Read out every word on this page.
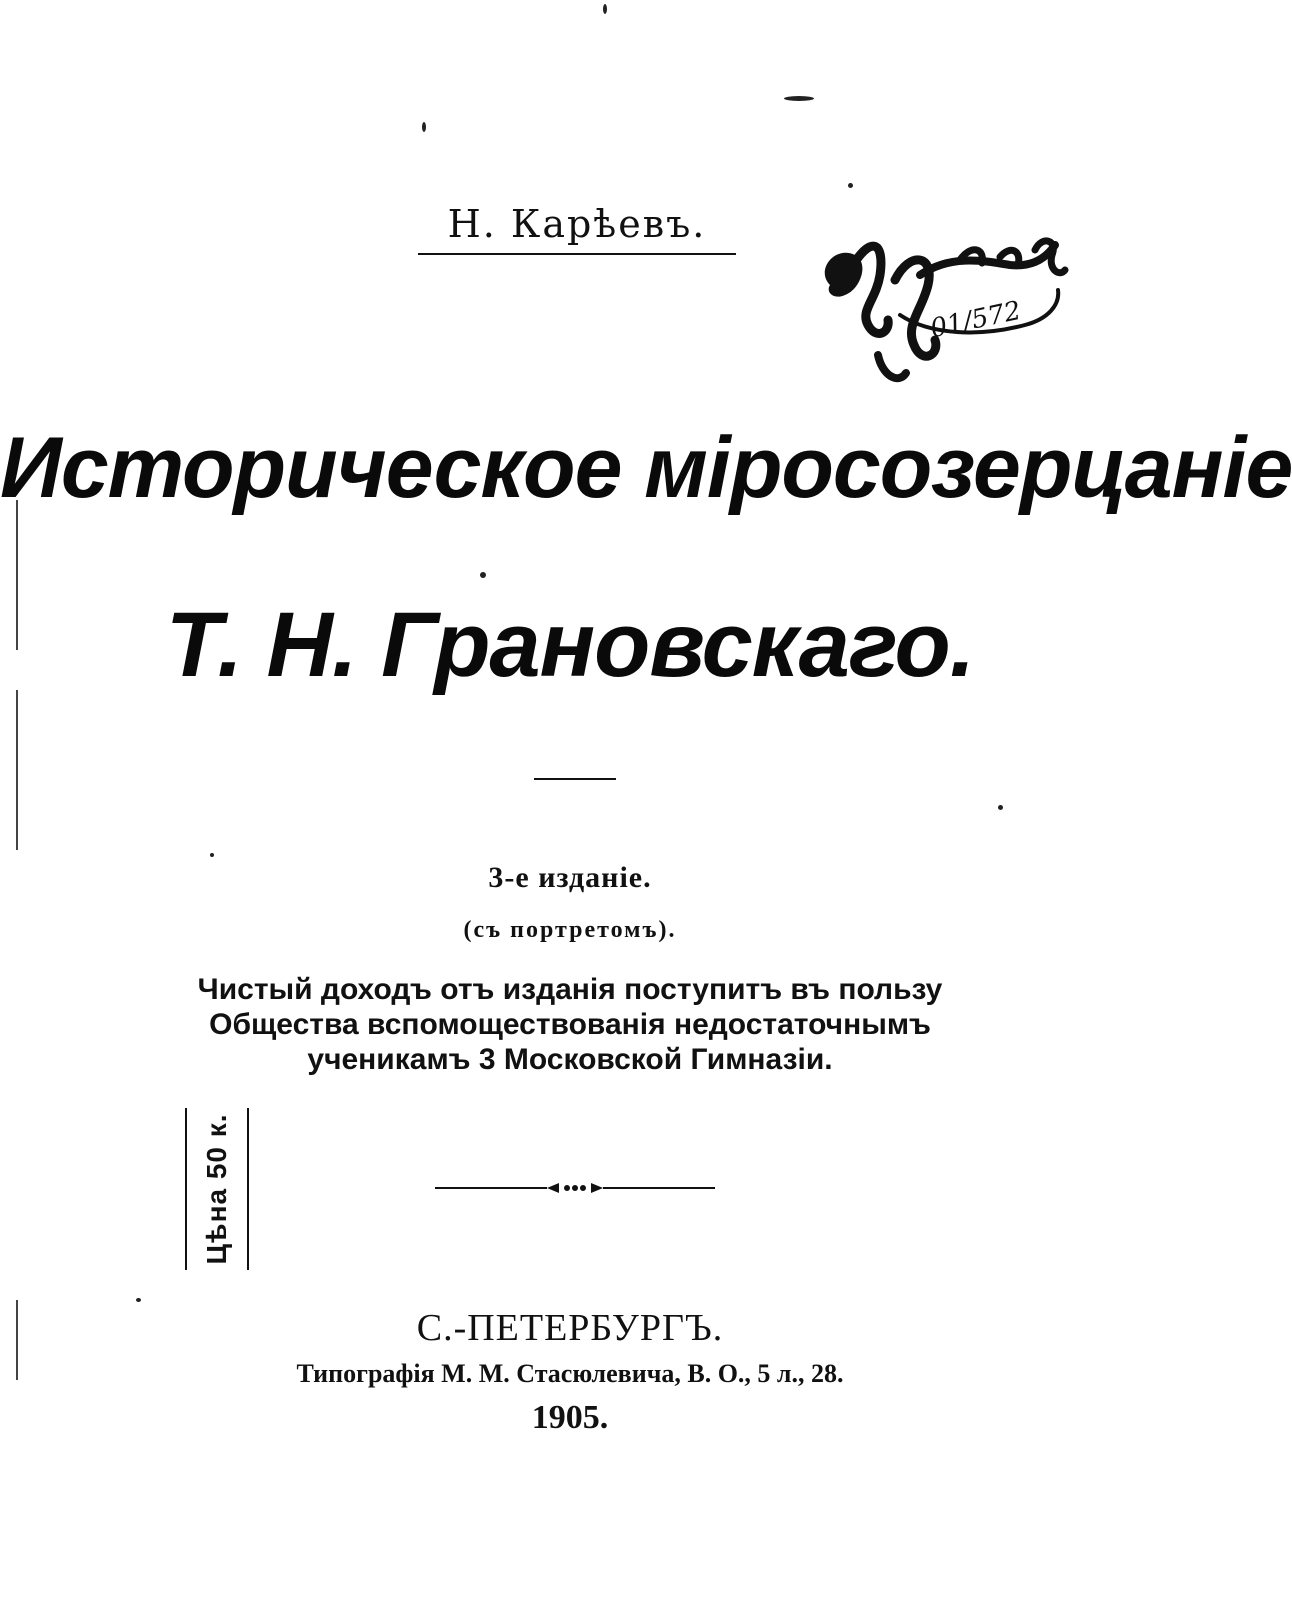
Н. Карѣевъ.
01/572
Историческое міросозерцаніе
Т. Н. Грановскаго.
3-е изданіе.
(съ портретомъ).
Чистый доходъ отъ изданія поступитъ въ пользу
Общества вспомоществованія недостаточнымъ
ученикамъ 3 Московской Гимназіи.
Цѣна 50 к.
С.-ПЕТЕРБУРГЪ.
Типографія М. М. Стасюлевича, В. О., 5 л., 28.
1905.
